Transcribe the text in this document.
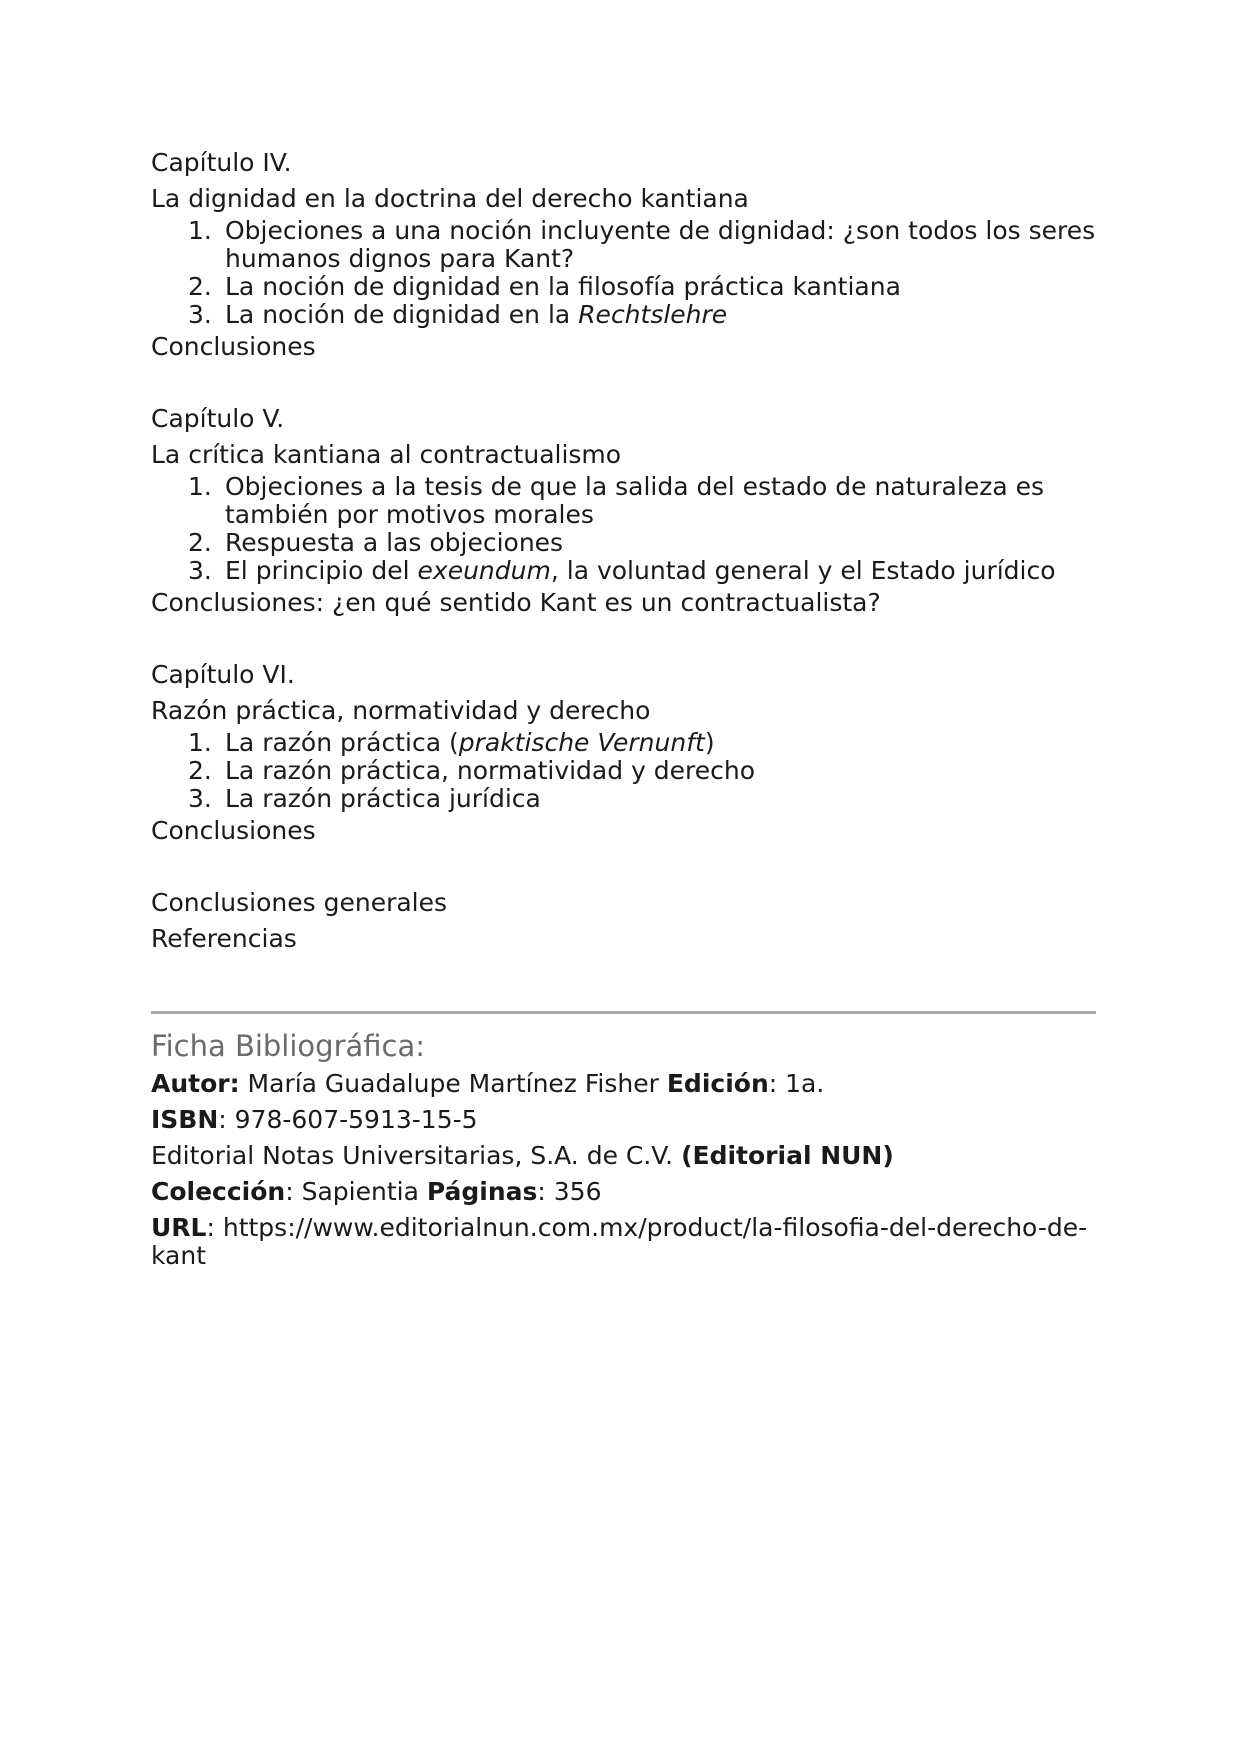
Capítulo IV.
La dignidad en la doctrina del derecho kantiana
1. Objeciones a una noción incluyente de dignidad: ¿son todos los seres humanos dignos para Kant?
2. La noción de dignidad en la filosofía práctica kantiana
3. La noción de dignidad en la Rechtslehre
Conclusiones
Capítulo V.
La crítica kantiana al contractualismo
1. Objeciones a la tesis de que la salida del estado de naturaleza es también por motivos morales
2. Respuesta a las objeciones
3. El principio del exeundum, la voluntad general y el Estado jurídico
Conclusiones: ¿en qué sentido Kant es un contractualista?
Capítulo VI.
Razón práctica, normatividad y derecho
1. La razón práctica (praktische Vernunft)
2. La razón práctica, normatividad y derecho
3. La razón práctica jurídica
Conclusiones
Conclusiones generales
Referencias
Ficha Bibliográfica:
Autor: María Guadalupe Martínez Fisher Edición: 1a.
ISBN: 978-607-5913-15-5
Editorial Notas Universitarias, S.A. de C.V. (Editorial NUN)
Colección: Sapientia Páginas: 356
URL: https://www.editorialnun.com.mx/product/la-filosofia-del-derecho-de-kant
